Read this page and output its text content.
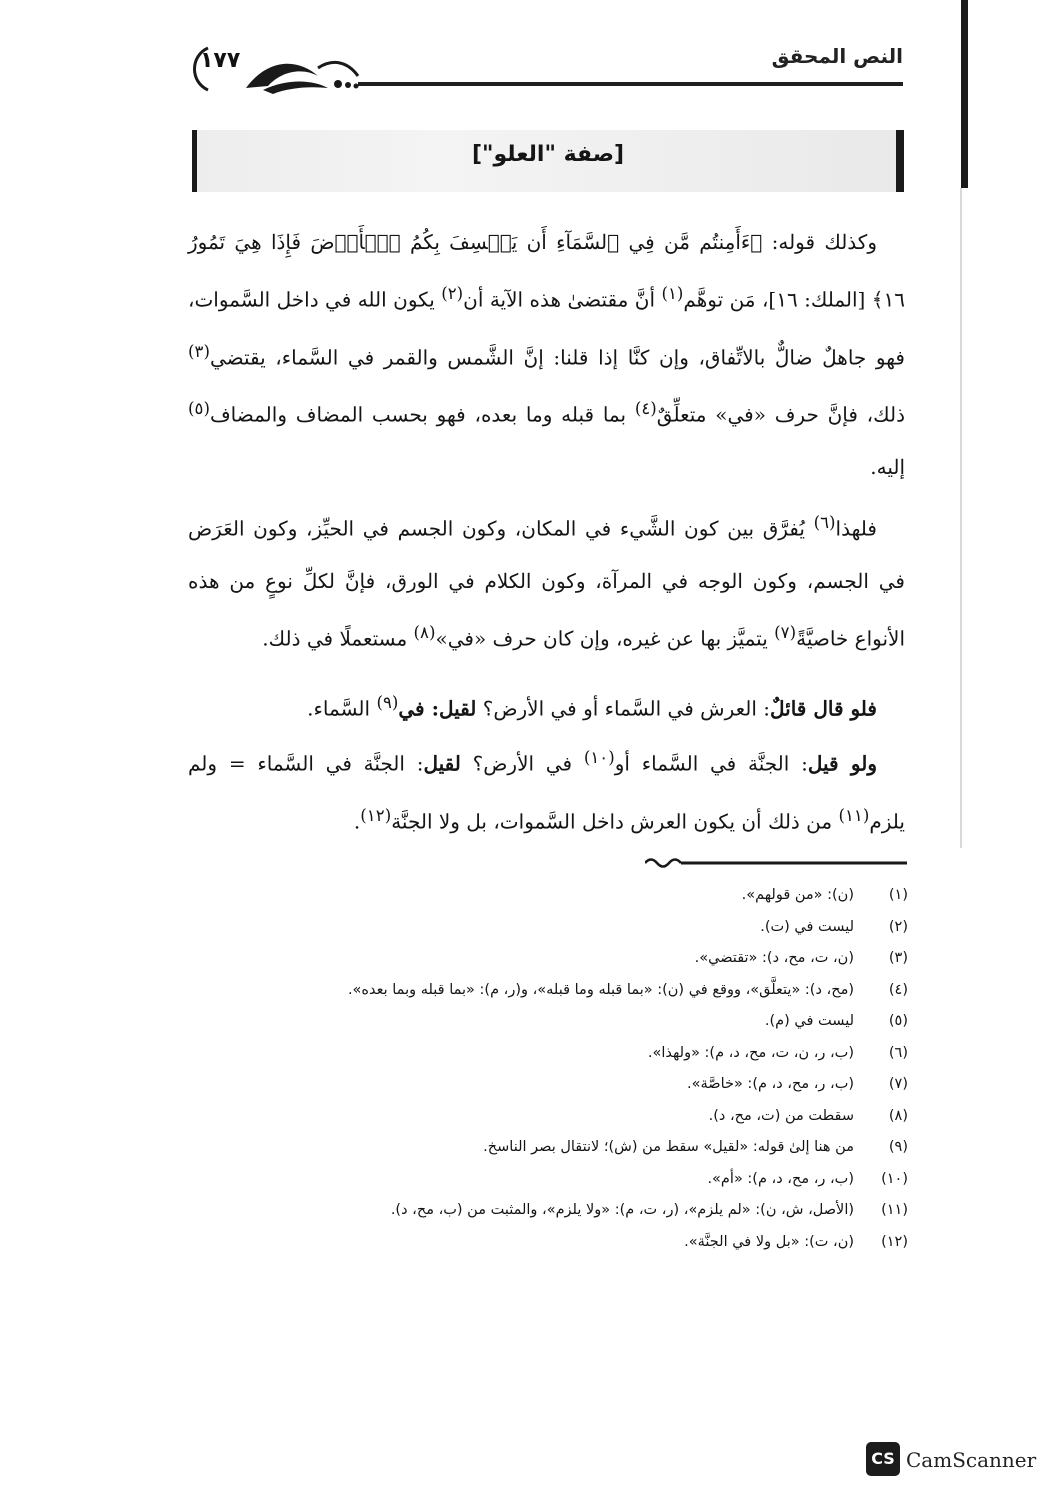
١٧٧	النص المحقق
[صفة "العلو"]
وكذلك قوله: ﴿ءَأَمِنتُم مَّن فِي ٱلسَّمَآءِ أَن يَخۡسِفَ بِكُمُ ٱلۡأَرۡضَ فَإِذَا هِيَ تَمُورُ ١٦﴾ [الملك: ١٦]، مَن توهَّم$^{(١)}$ أنَّ مقتضىٰ هذه الآية أن$^{(٢)}$ يكون الله في داخل السَّموات، فهو جاهلٌ ضالٌّ بالاتِّفاق، وإن كنَّا إذا قلنا: إنَّ الشَّمس والقمر في السَّماء، يقتضي$^{(٣)}$ ذلك، فإنَّ حرف «في» متعلِّقٌ$^{(٤)}$ بما قبله وما بعده، فهو بحسب المضاف والمضاف$^{(٥)}$ إليه.
فلهذا$^{(٦)}$ يُفرَّق بين كون الشَّيء في المكان، وكون الجسم في الحيِّز، وكون العَرَض في الجسم، وكون الوجه في المرآة، وكون الكلام في الورق، فإنَّ لكلِّ نوعٍ من هذه الأنواع خاصيَّةً$^{(٧)}$ يتميَّز بها عن غيره، وإن كان حرف «في»$^{(٨)}$ مستعملًا في ذلك.
فلو قال قائلٌ: العرش في السَّماء أو في الأرض؟ لقيل: في$^{(٩)}$ السَّماء.
ولو قيل: الجنَّة في السَّماء أو$^{(١٠)}$ في الأرض؟ لقيل: الجنَّة في السَّماء = ولم يلزم$^{(١١)}$ من ذلك أن يكون العرش داخل السَّموات، بل ولا الجنَّة$^{(١٢)}$.
(١)(ن): «من قولهم».
(٢)ليست في (ت).
(٣)(ن، ت، مح، د): «تقتضي».
(٤)(مح، د): «يتعلَّق»، ووقع في (ن): «بما قبله وما قبله»، و(ر، م): «بما قبله وبما بعده».
(٥)ليست في (م).
(٦)(ب، ر، ن، ت، مح، د، م): «ولهذا».
(٧)(ب، ر، مح، د، م): «خاصَّة».
(٨)سقطت من (ت، مح، د).
(٩)من هنا إلىٰ قوله: «لقيل» سقط من (ش)؛ لانتقال بصر الناسخ.
(١٠)(ب، ر، مح، د، م): «أم».
(١١)(الأصل، ش، ن): «لم يلزم»، (ر، ت، م): «ولا يلزم»، والمثبت من (ب، مح، د).
(١٢)(ن، ت): «بل ولا في الجنَّة».
CS CamScanner
